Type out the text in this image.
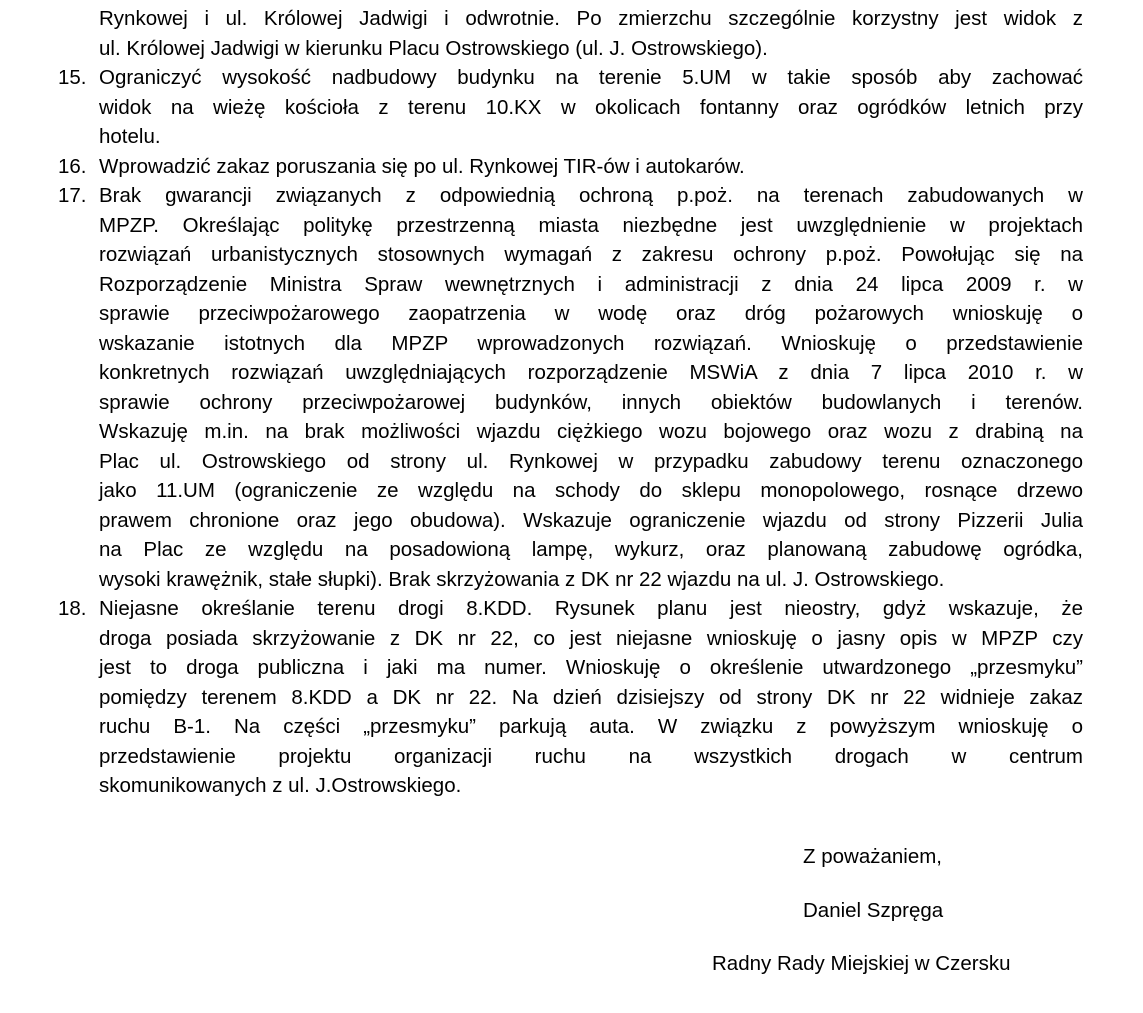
Rynkowej i ul. Królowej Jadwigi i odwrotnie. Po zmierzchu szczególnie korzystny jest widok z
ul. Królowej Jadwigi w kierunku Placu Ostrowskiego (ul. J. Ostrowskiego).
15. Ograniczyć wysokość nadbudowy budynku na terenie 5.UM w takie sposób aby zachować
widok na wieżę kościoła z terenu 10.KX w okolicach fontanny oraz ogródków letnich przy
hotelu.
16. Wprowadzić zakaz poruszania się po ul. Rynkowej TIR-ów i autokarów.
17. Brak gwarancji związanych z odpowiednią ochroną p.poż. na terenach zabudowanych w
MPZP. Określając politykę przestrzenną miasta niezbędne jest uwzględnienie w projektach
rozwiązań urbanistycznych stosownych wymagań z zakresu ochrony p.poż. Powołując się na
Rozporządzenie Ministra Spraw wewnętrznych i administracji z dnia 24 lipca 2009 r. w
sprawie przeciwpożarowego zaopatrzenia w wodę oraz dróg pożarowych wnioskuję o
wskazanie istotnych dla MPZP wprowadzonych rozwiązań. Wnioskuję o przedstawienie
konkretnych rozwiązań uwzględniających rozporządzenie MSWiA z dnia 7 lipca 2010 r. w
sprawie ochrony przeciwpożarowej budynków, innych obiektów budowlanych i terenów.
Wskazuję m.in. na brak możliwości wjazdu ciężkiego wozu bojowego oraz wozu z drabiną na
Plac ul. Ostrowskiego od strony ul. Rynkowej w przypadku zabudowy terenu oznaczonego
jako 11.UM (ograniczenie ze względu na schody do sklepu monopolowego, rosnące drzewo
prawem chronione oraz jego obudowa). Wskazuje ograniczenie wjazdu od strony Pizzerii Julia
na Plac ze względu na posadowioną lampę, wykurz, oraz planowaną zabudowę ogródka,
wysoki krawężnik, stałe słupki). Brak skrzyżowania z DK nr 22 wjazdu na ul. J. Ostrowskiego.
18. Niejasne określanie terenu drogi 8.KDD. Rysunek planu jest nieostry, gdyż wskazuje, że
droga posiada skrzyżowanie z DK nr 22, co jest niejasne wnioskuję o jasny opis w MPZP czy
jest to droga publiczna i jaki ma numer. Wnioskuję o określenie utwardzonego „przesmyku”
pomiędzy terenem 8.KDD a DK nr 22. Na dzień dzisiejszy od strony DK nr 22 widnieje zakaz
ruchu B-1. Na części „przesmyku” parkują auta. W związku z powyższym wnioskuję o
przedstawienie projektu organizacji ruchu na wszystkich drogach w centrum
skomunikowanych z ul. J.Ostrowskiego.
Z poważaniem,
Daniel Szpręga
Radny Rady Miejskiej w Czersku
